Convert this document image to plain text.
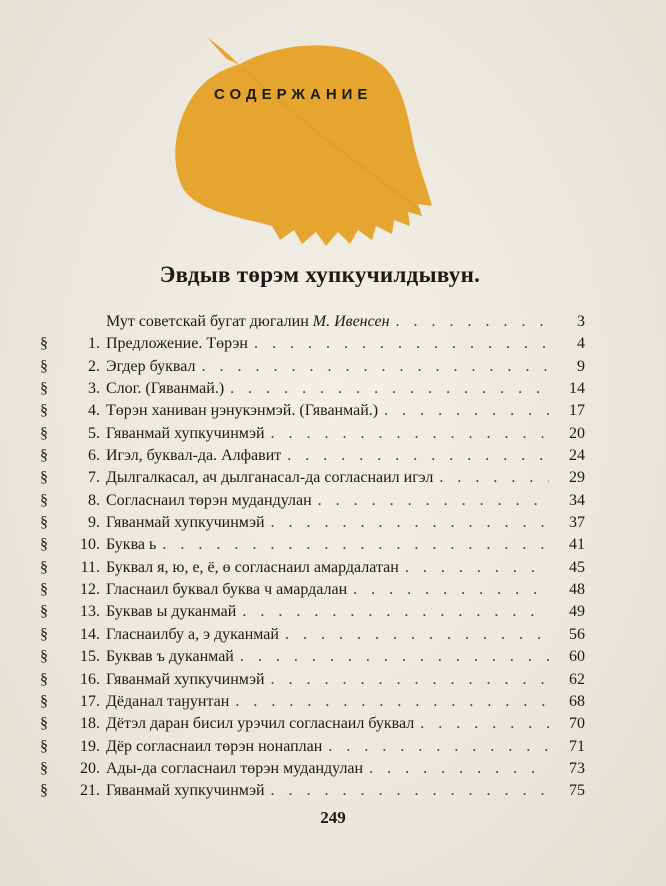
СОДЕРЖАНИЕ
Эвдыв тɵрэм хупкучилдывун.
Мут советскай бугат дюгалин М. Ивенсен . . .	3
§	1. Предложение. Тɵрэн . . .	4
§	2. Эгдер буквал . . .	9
§	3. Слог. (Гяванмай.) . . .	14
§	4. Тɵрэн ханиван ӈэнукэнмэй. (Гяванмай.) . . .	17
§	5. Гяванмай хупкучинмэй . . .	20
§	6. Игэл, буквал-да. Алфавит . . .	24
§	7. Дылгалкасал, ач дылганасал-да согласнаил игэл . . .	29
§	8. Согласнаил тɵрэн мудандулан . . .	34
§	9. Гяванмай хупкучинмэй . . .	37
§	10. Буква ь . . .	41
§	11. Буквал я, ю, е, ё, ө согласнаил амардалатан . . .	45
§	12. Гласнаил буквал буква ч амардалан . . .	48
§	13. Буквав ы дуканмай . . .	49
§	14. Гласнаилбу а, э дуканмай . . .	56
§	15. Буквав ъ дуканмай . . .	60
§	16. Гяванмай хупкучинмэй . . .	62
§	17. Дёданал таӈунтан . . .	68
§	18. Дётэл даран бисил урэчил согласнаил буквал . . .	70
§	19. Дёр согласнаил тɵрэн нонаплан . . .	71
§	20. Ады-да согласнаил тɵрэн мудандулан . . .	73
§	21. Гяванмай хупкучинмэй . . .	75
249
